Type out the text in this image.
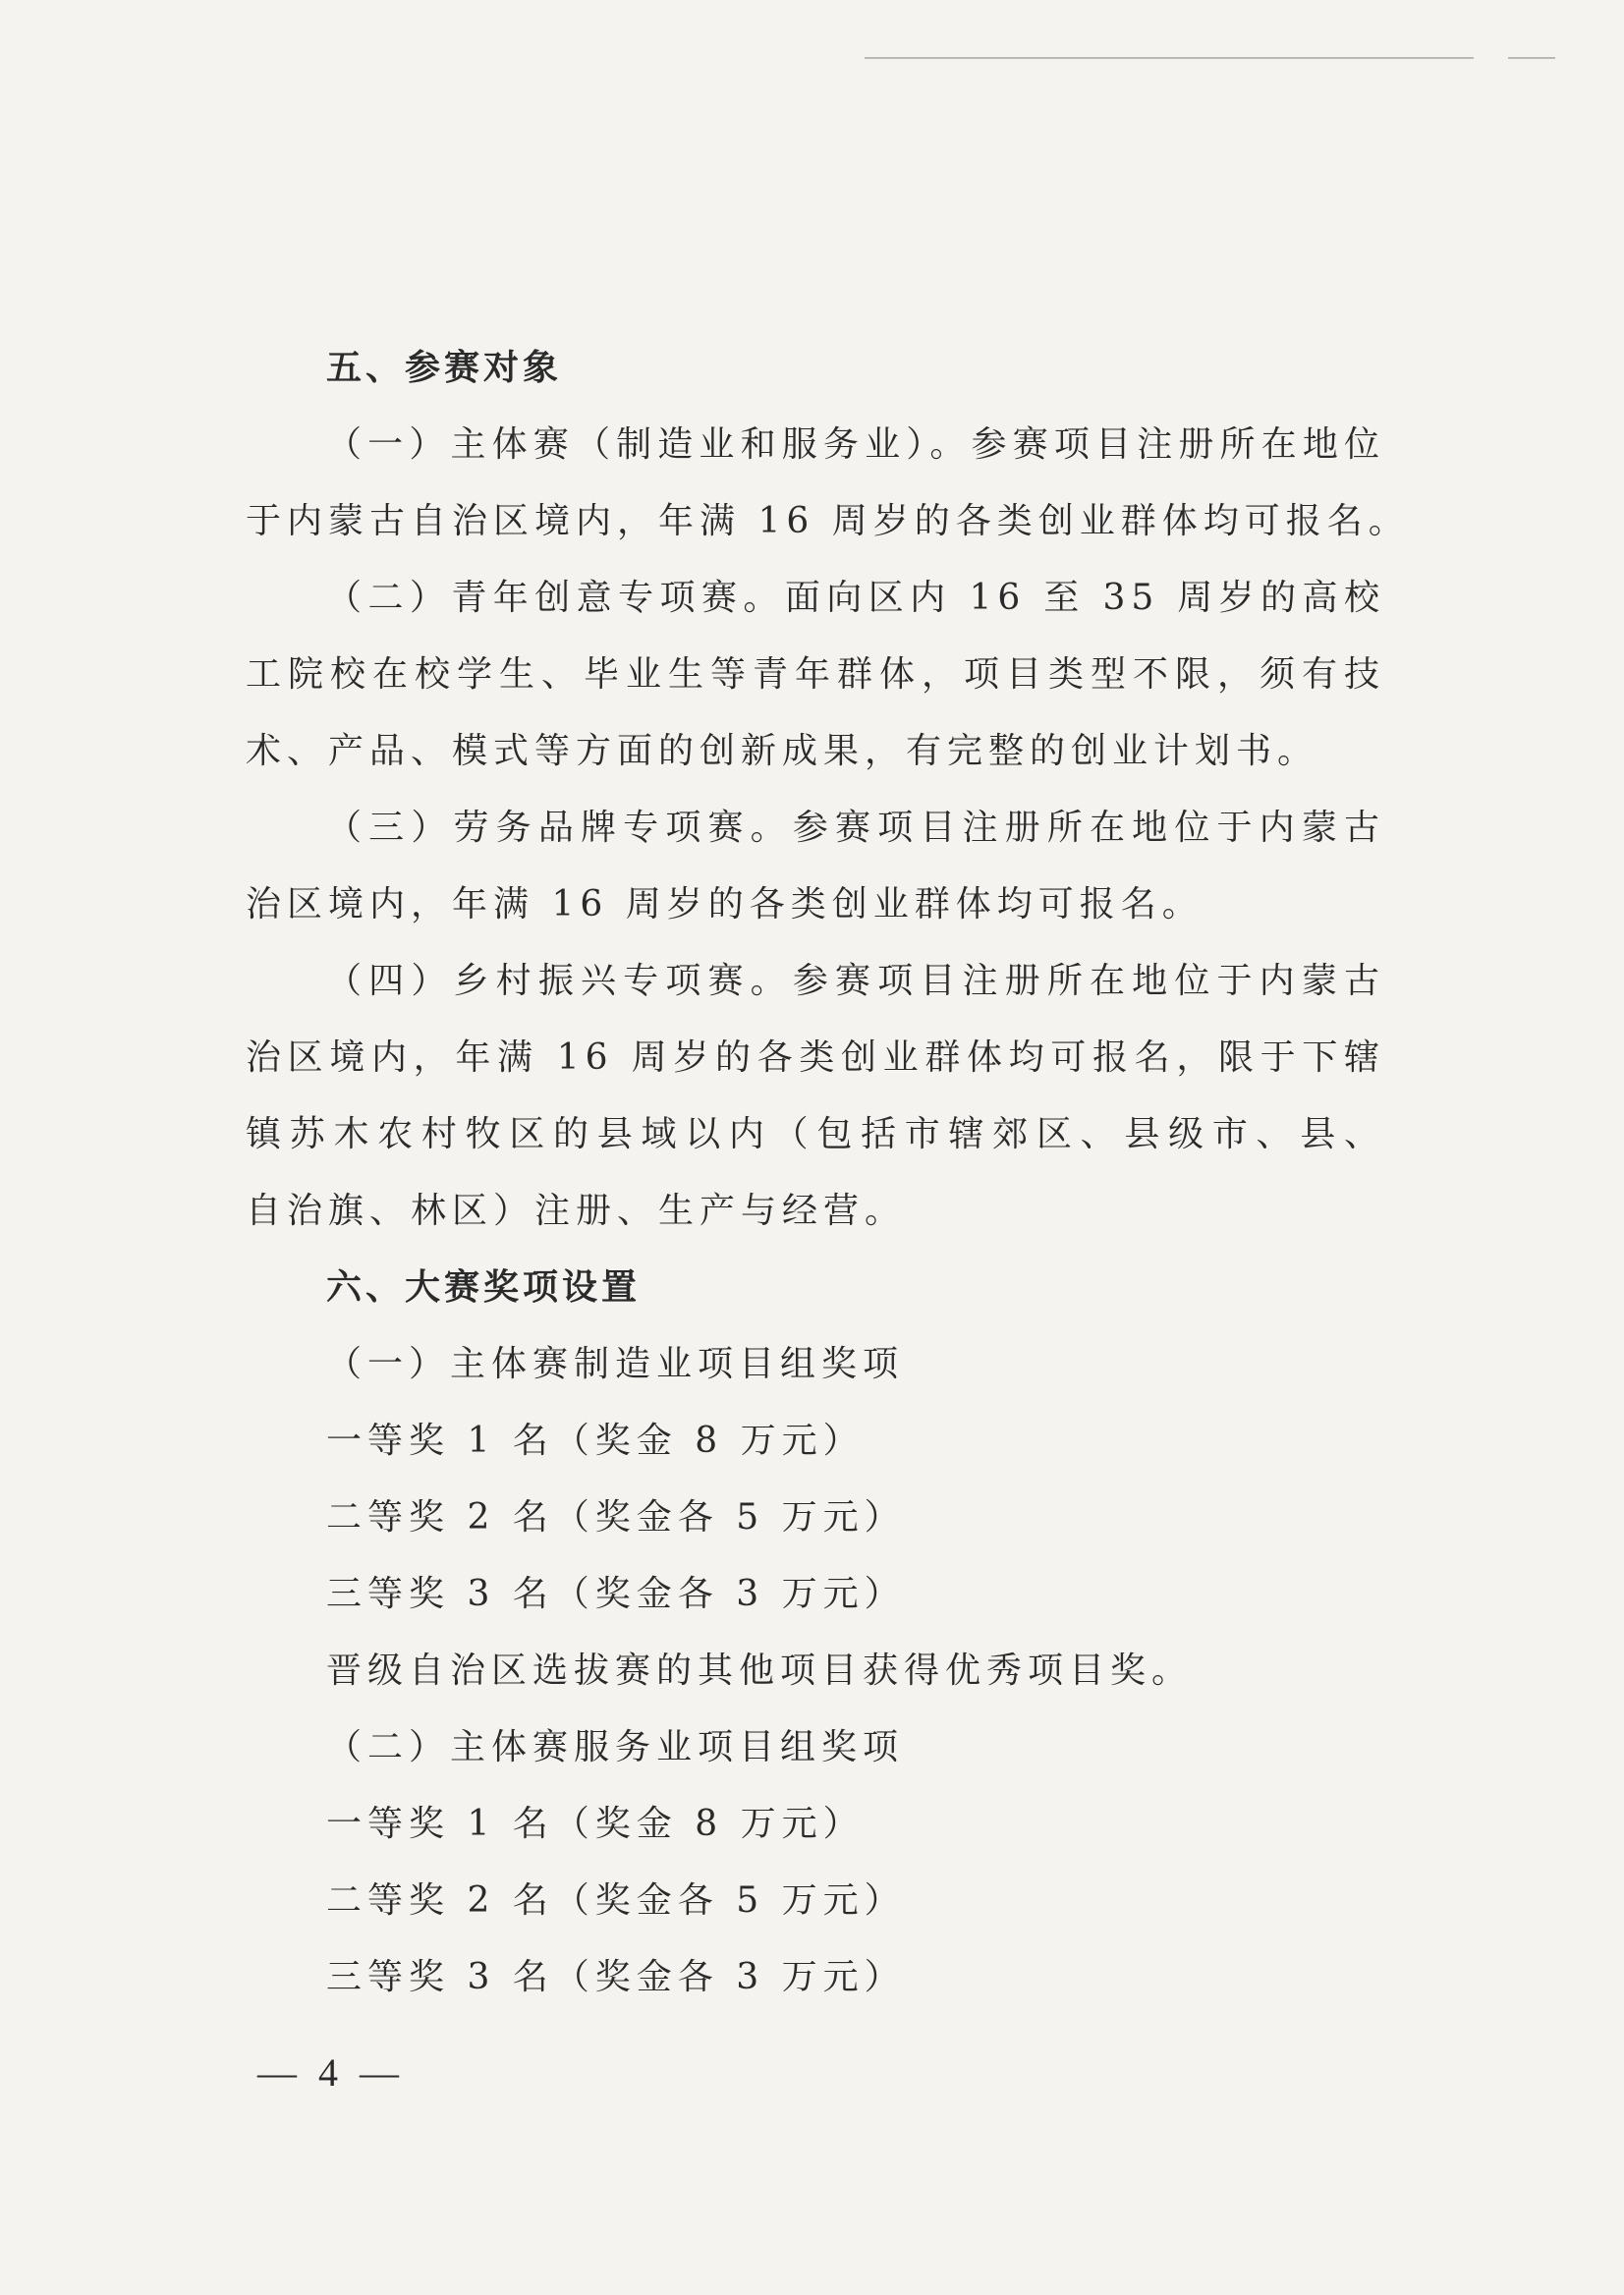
五、参赛对象
（一）主体赛（制造业和服务业）。参赛项目注册所在地位
于内蒙古自治区境内，年满 16 周岁的各类创业群体均可报名。
（二）青年创意专项赛。面向区内 16 至 35 周岁的高校
工院校在校学生、毕业生等青年群体，项目类型不限，须有技
术、产品、模式等方面的创新成果，有完整的创业计划书。
（三）劳务品牌专项赛。参赛项目注册所在地位于内蒙古
治区境内，年满 16 周岁的各类创业群体均可报名。
（四）乡村振兴专项赛。参赛项目注册所在地位于内蒙古
治区境内，年满 16 周岁的各类创业群体均可报名，限于下辖
镇苏木农村牧区的县域以内（包括市辖郊区、县级市、县、
自治旗、林区）注册、生产与经营。
六、大赛奖项设置
（一）主体赛制造业项目组奖项
一等奖 1 名（奖金 8 万元）
二等奖 2 名（奖金各 5 万元）
三等奖 3 名（奖金各 3 万元）
晋级自治区选拔赛的其他项目获得优秀项目奖。
（二）主体赛服务业项目组奖项
一等奖 1 名（奖金 8 万元）
二等奖 2 名（奖金各 5 万元）
三等奖 3 名（奖金各 3 万元）
— 4 —
